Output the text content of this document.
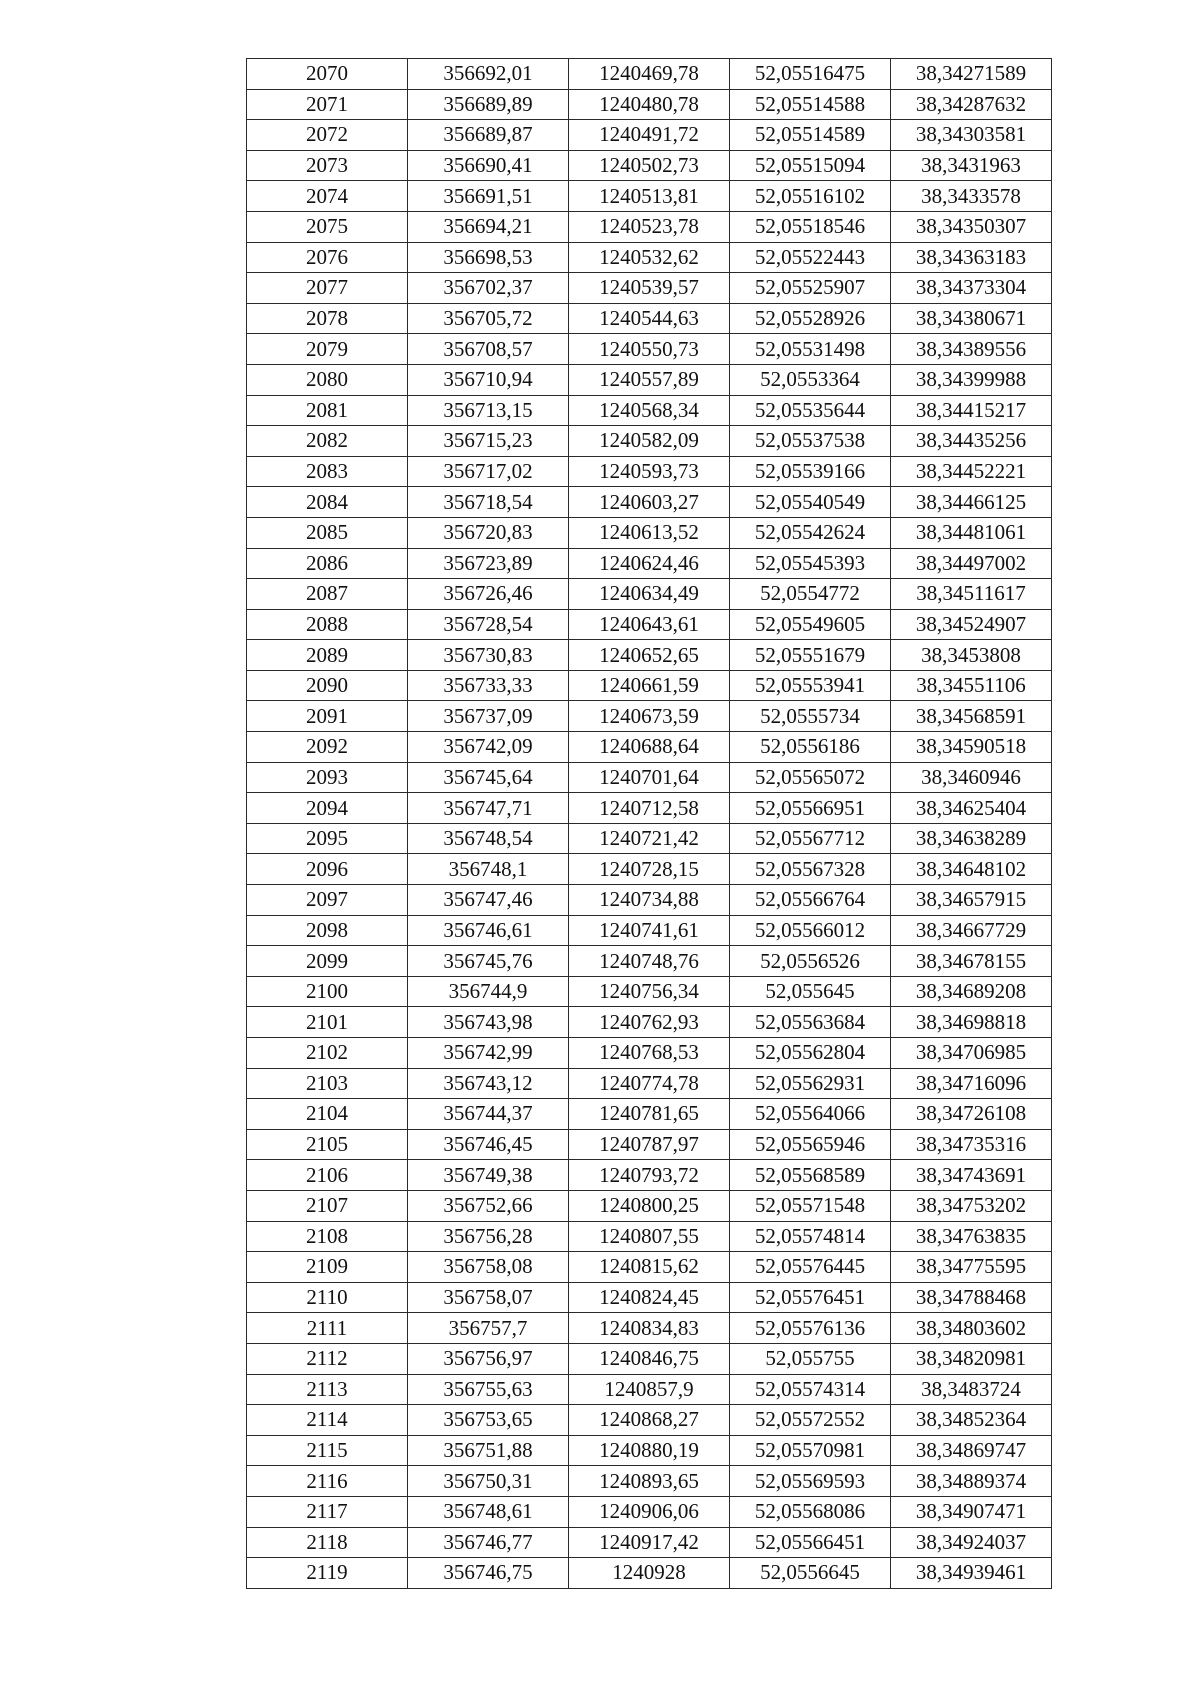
2070	356692,01	1240469,78	52,05516475	38,34271589
2071	356689,89	1240480,78	52,05514588	38,34287632
2072	356689,87	1240491,72	52,05514589	38,34303581
2073	356690,41	1240502,73	52,05515094	38,3431963
2074	356691,51	1240513,81	52,05516102	38,3433578
2075	356694,21	1240523,78	52,05518546	38,34350307
2076	356698,53	1240532,62	52,05522443	38,34363183
2077	356702,37	1240539,57	52,05525907	38,34373304
2078	356705,72	1240544,63	52,05528926	38,34380671
2079	356708,57	1240550,73	52,05531498	38,34389556
2080	356710,94	1240557,89	52,0553364	38,34399988
2081	356713,15	1240568,34	52,05535644	38,34415217
2082	356715,23	1240582,09	52,05537538	38,34435256
2083	356717,02	1240593,73	52,05539166	38,34452221
2084	356718,54	1240603,27	52,05540549	38,34466125
2085	356720,83	1240613,52	52,05542624	38,34481061
2086	356723,89	1240624,46	52,05545393	38,34497002
2087	356726,46	1240634,49	52,0554772	38,34511617
2088	356728,54	1240643,61	52,05549605	38,34524907
2089	356730,83	1240652,65	52,05551679	38,3453808
2090	356733,33	1240661,59	52,05553941	38,34551106
2091	356737,09	1240673,59	52,0555734	38,34568591
2092	356742,09	1240688,64	52,0556186	38,34590518
2093	356745,64	1240701,64	52,05565072	38,3460946
2094	356747,71	1240712,58	52,05566951	38,34625404
2095	356748,54	1240721,42	52,05567712	38,34638289
2096	356748,1	1240728,15	52,05567328	38,34648102
2097	356747,46	1240734,88	52,05566764	38,34657915
2098	356746,61	1240741,61	52,05566012	38,34667729
2099	356745,76	1240748,76	52,0556526	38,34678155
2100	356744,9	1240756,34	52,055645	38,34689208
2101	356743,98	1240762,93	52,05563684	38,34698818
2102	356742,99	1240768,53	52,05562804	38,34706985
2103	356743,12	1240774,78	52,05562931	38,34716096
2104	356744,37	1240781,65	52,05564066	38,34726108
2105	356746,45	1240787,97	52,05565946	38,34735316
2106	356749,38	1240793,72	52,05568589	38,34743691
2107	356752,66	1240800,25	52,05571548	38,34753202
2108	356756,28	1240807,55	52,05574814	38,34763835
2109	356758,08	1240815,62	52,05576445	38,34775595
2110	356758,07	1240824,45	52,05576451	38,34788468
2111	356757,7	1240834,83	52,05576136	38,34803602
2112	356756,97	1240846,75	52,055755	38,34820981
2113	356755,63	1240857,9	52,05574314	38,3483724
2114	356753,65	1240868,27	52,05572552	38,34852364
2115	356751,88	1240880,19	52,05570981	38,34869747
2116	356750,31	1240893,65	52,05569593	38,34889374
2117	356748,61	1240906,06	52,05568086	38,34907471
2118	356746,77	1240917,42	52,05566451	38,34924037
2119	356746,75	1240928	52,0556645	38,34939461
